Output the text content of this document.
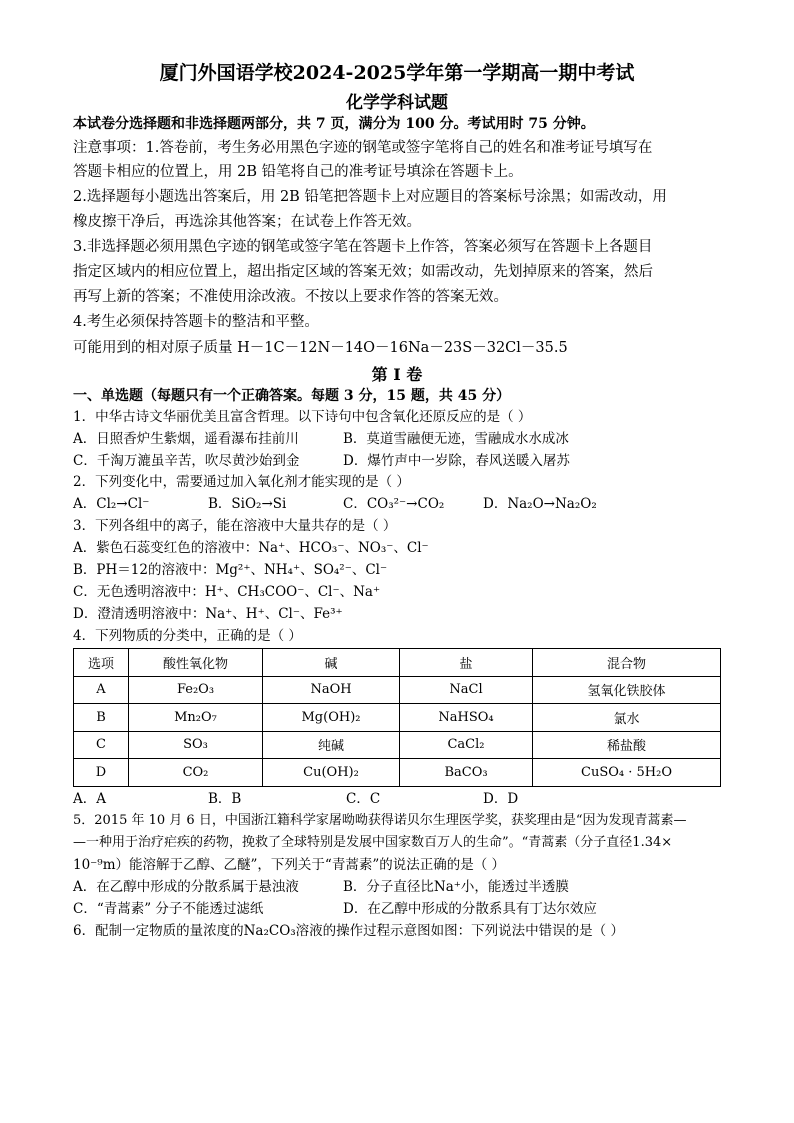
厦门外国语学校2024-2025学年第一学期高一期中考试
化学学科试题
本试卷分选择题和非选择题两部分，共 7 页，满分为 100 分。考试用时 75 分钟。
注意事项：1.答卷前，考生务必用黑色字迹的钢笔或签字笔将自己的姓名和准考证号填写在
答题卡相应的位置上，用 2B 铅笔将自己的准考证号填涂在答题卡上。
2.选择题每小题选出答案后，用 2B 铅笔把答题卡上对应题目的答案标号涂黑；如需改动，用
橡皮擦干净后，再选涂其他答案；在试卷上作答无效。
3.非选择题必须用黑色字迹的钢笔或签字笔在答题卡上作答，答案必须写在答题卡上各题目
指定区域内的相应位置上，超出指定区域的答案无效；如需改动，先划掉原来的答案，然后
再写上新的答案；不准使用涂改液。不按以上要求作答的答案无效。
4.考生必须保持答题卡的整洁和平整。
可能用到的相对原子质量 H－1C－12N－14O－16Na－23S－32Cl－35.5
第 I 卷
一、单选题（每题只有一个正确答案。每题 3 分，15 题，共 45 分）
1．中华古诗文华丽优美且富含哲理。以下诗句中包含氧化还原反应的是（ ）
A．日照香炉生紫烟，遥看瀑布挂前川	B．莫道雪融便无迹，雪融成水水成冰
C．千淘万漉虽辛苦，吹尽黄沙始到金	D．爆竹声中一岁除，春风送暖入屠苏
2．下列变化中，需要通过加入氧化剂才能实现的是（ ）
A．Cl₂→Cl⁻	B．SiO₂→Si	C．CO₃²⁻→CO₂	D．Na₂O→Na₂O₂
3．下列各组中的离子，能在溶液中大量共存的是（ ）
A．紫色石蕊变红色的溶液中：Na⁺、HCO₃⁻、NO₃⁻、Cl⁻
B．PH＝12的溶液中：Mg²⁺、NH₄⁺、SO₄²⁻、Cl⁻
C．无色透明溶液中：H⁺、CH₃COO⁻、Cl⁻、Na⁺
D．澄清透明溶液中：Na⁺、H⁺、Cl⁻、Fe³⁺
4．下列物质的分类中，正确的是（ ）
选项	酸性氧化物	碱	盐	混合物
A	Fe₂O₃	NaOH	NaCl	氢氧化铁胶体
B	Mn₂O₇	Mg(OH)₂	NaHSO₄	氯水
C	SO₃	纯碱	CaCl₂	稀盐酸
D	CO₂	Cu(OH)₂	BaCO₃	CuSO₄ · 5H₂O
A．A	B．B	C．C	D．D
5．2015 年 10 月 6 日，中国浙江籍科学家屠呦呦获得诺贝尔生理医学奖，获奖理由是“因为发现青蒿素—
—一种用于治疗疟疾的药物，挽救了全球特别是发展中国家数百万人的生命”。“青蒿素（分子直径1.34×
10⁻⁹m）能溶解于乙醇、乙醚”，下列关于“青蒿素”的说法正确的是（ ）
A．在乙醇中形成的分散系属于悬浊液	B．分子直径比Na⁺小，能透过半透膜
C．“青蒿素” 分子不能透过滤纸	D．在乙醇中形成的分散系具有丁达尔效应
6．配制一定物质的量浓度的Na₂CO₃溶液的操作过程示意图如图：下列说法中错误的是（ ）
